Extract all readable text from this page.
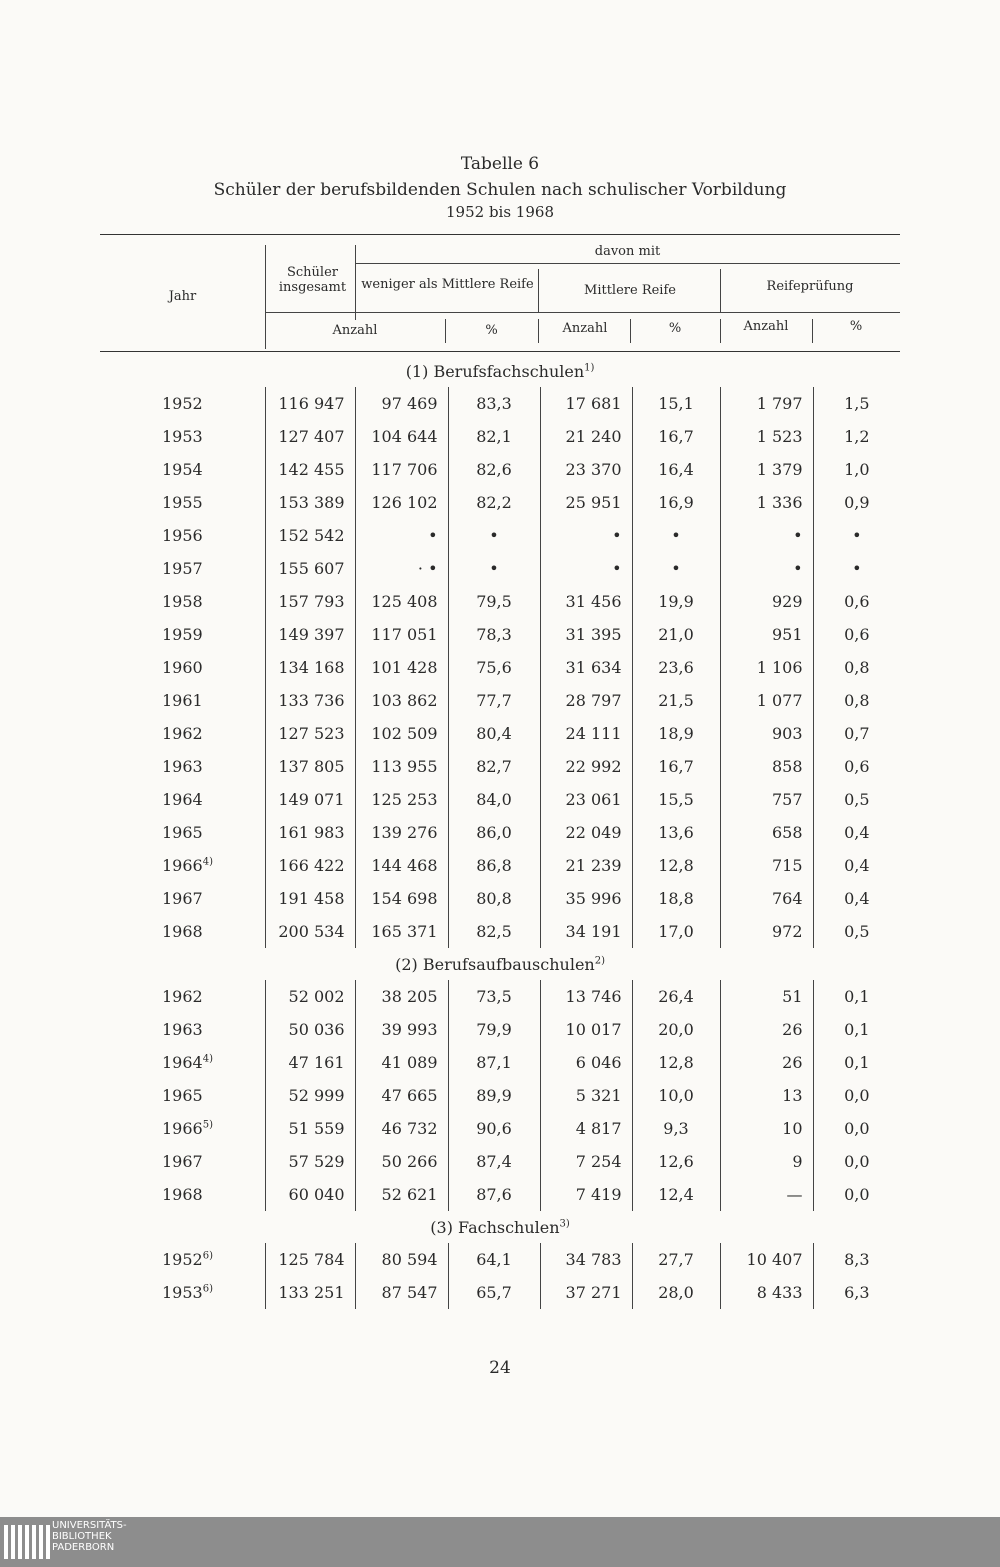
Tabelle 6
Schüler der berufsbildenden Schulen nach schulischer Vorbildung
1952 bis 1968
Jahr
Schüler insgesamt
davon mit
weniger als Mittlere Reife	Mittlere Reife	Reifeprüfung
Anzahl	%	Anzahl	%	Anzahl	%
(1) Berufsfachschulen$^{1)}$
1952	116 947	97 469	83,3	17 681	15,1	1 797	1,5
1953	127 407	104 644	82,1	21 240	16,7	1 523	1,2
1954	142 455	117 706	82,6	23 370	16,4	1 379	1,0
1955	153 389	126 102	82,2	25 951	16,9	1 336	0,9
1956	152 542	•	•	•	•	•	•
1957	155 607	· •	•	•	•	•	•
1958	157 793	125 408	79,5	31 456	19,9	929	0,6
1959	149 397	117 051	78,3	31 395	21,0	951	0,6
1960	134 168	101 428	75,6	31 634	23,6	1 106	0,8
1961	133 736	103 862	77,7	28 797	21,5	1 077	0,8
1962	127 523	102 509	80,4	24 111	18,9	903	0,7
1963	137 805	113 955	82,7	22 992	16,7	858	0,6
1964	149 071	125 253	84,0	23 061	15,5	757	0,5
1965	161 983	139 276	86,0	22 049	13,6	658	0,4
1966$^{4)}$	166 422	144 468	86,8	21 239	12,8	715	0,4
1967	191 458	154 698	80,8	35 996	18,8	764	0,4
1968	200 534	165 371	82,5	34 191	17,0	972	0,5
(2) Berufsaufbauschulen$^{2)}$
1962	52 002	38 205	73,5	13 746	26,4	51	0,1
1963	50 036	39 993	79,9	10 017	20,0	26	0,1
1964$^{4)}$	47 161	41 089	87,1	6 046	12,8	26	0,1
1965	52 999	47 665	89,9	5 321	10,0	13	0,0
1966$^{5)}$	51 559	46 732	90,6	4 817	9,3	10	0,0
1967	57 529	50 266	87,4	7 254	12,6	9	0,0
1968	60 040	52 621	87,6	7 419	12,4	—	0,0
(3) Fachschulen$^{3)}$
1952$^{6)}$	125 784	80 594	64,1	34 783	27,7	10 407	8,3
1953$^{6)}$	133 251	87 547	65,7	37 271	28,0	8 433	6,3
24
UNIVERSITÄTS-
BIBLIOTHEK
PADERBORN
